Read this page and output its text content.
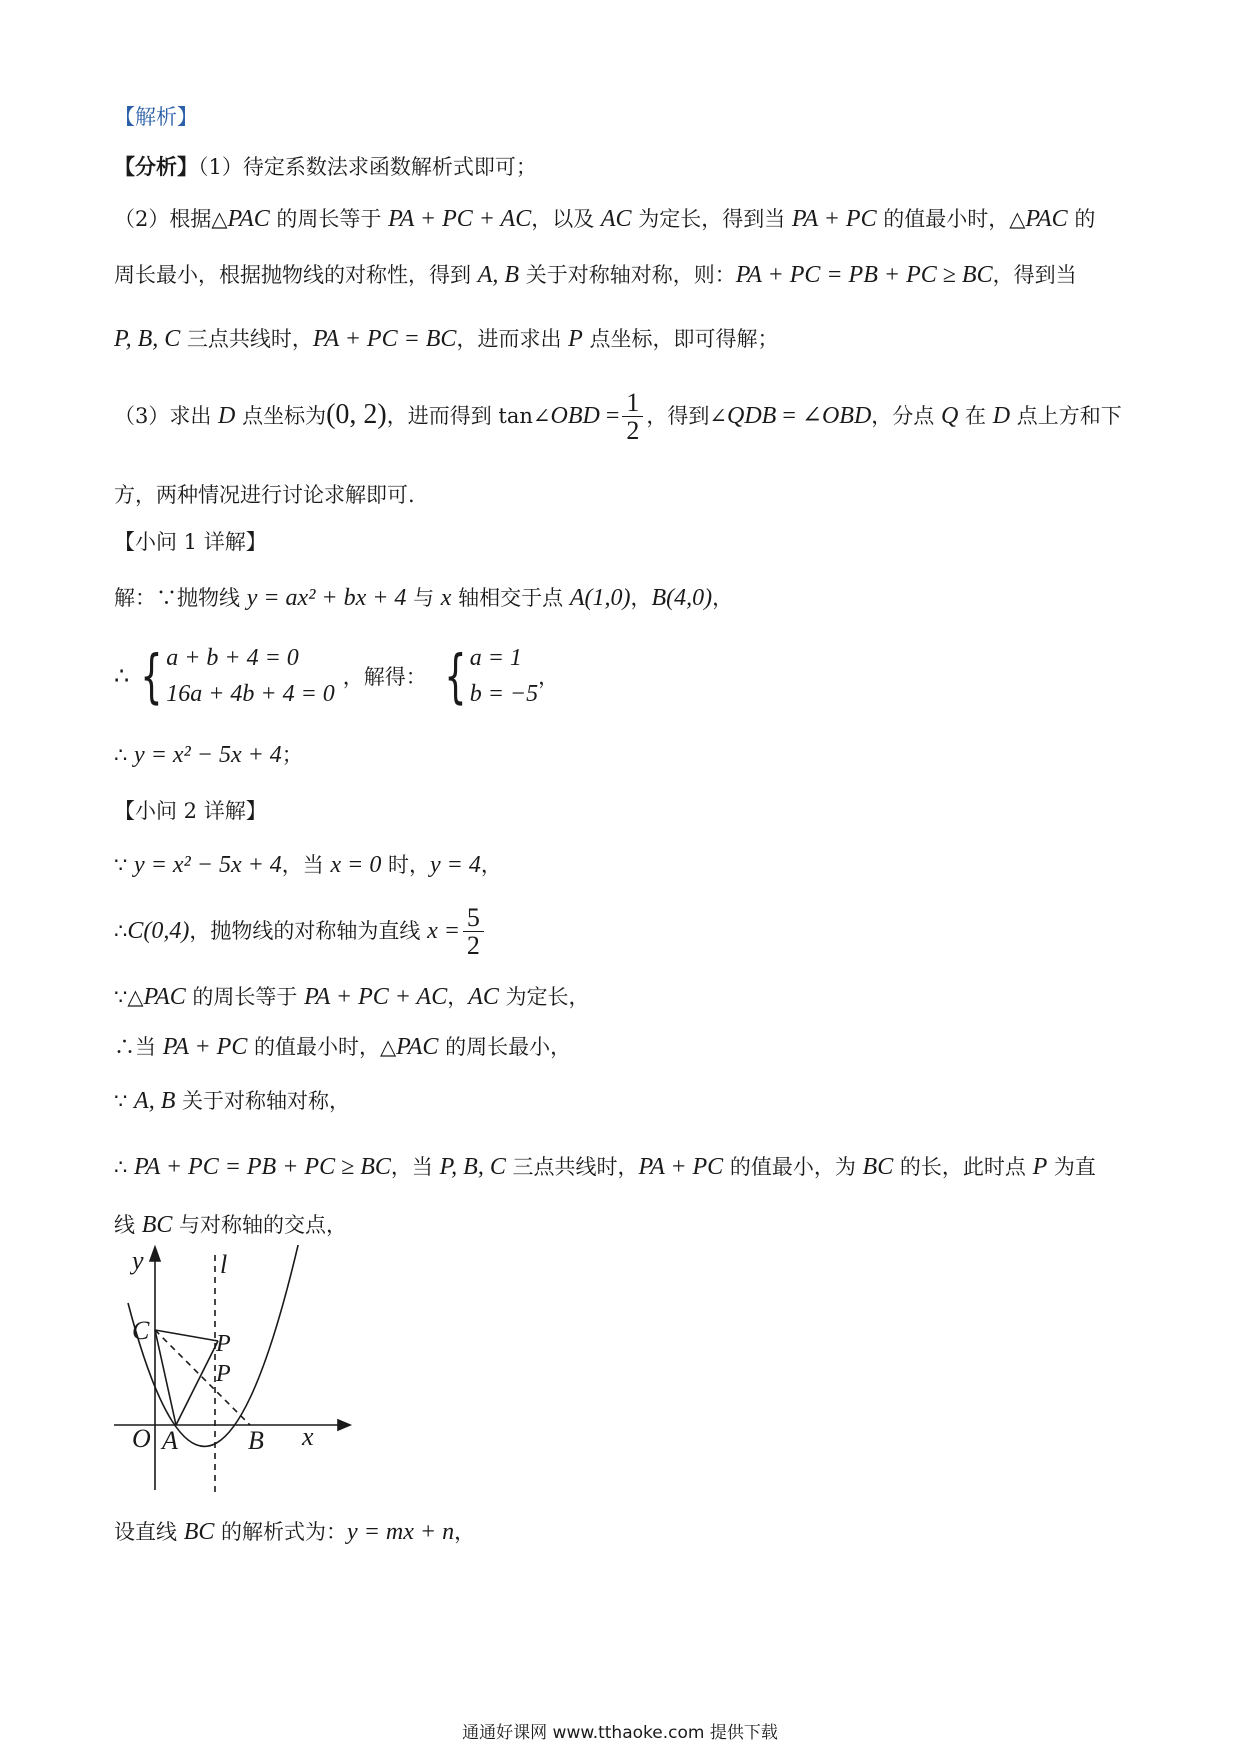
【解析】
【分析】（1）待定系数法求函数解析式即可；
（2）根据△PAC 的周长等于 PA + PC + AC，以及 AC 为定长，得到当 PA + PC 的值最小时，△PAC 的
周长最小，根据抛物线的对称性，得到 A, B 关于对称轴对称，则：PA + PC = PB + PC ≥ BC，得到当
P, B, C 三点共线时，PA + PC = BC，进而求出 P 点坐标，即可得解；
（3）求出 D 点坐标为(0, 2)，进而得到 tan∠OBD = $\frac{1}{2}$ ，得到∠QDB = ∠OBD，分点 Q 在 D 点上方和下
方，两种情况进行讨论求解即可.
【小问 1 详解】
解：∵抛物线 y = ax² + bx + 4 与 x 轴相交于点 A(1,0)，B(4,0)，
∴ { a + b + 4 = 0
16a + 4b + 4 = 0
，解得： { a = 1
b = −5
，
∴ y = x² − 5x + 4；
【小问 2 详解】
∵ y = x² − 5x + 4，当 x = 0 时，y = 4，
∴C(0,4)，抛物线的对称轴为直线 $x = \frac{5}{2}$
∵△PAC 的周长等于 PA + PC + AC，AC 为定长，
∴当 PA + PC 的值最小时，△PAC 的周长最小，
∵ A, B 关于对称轴对称，
∴ PA + PC = PB + PC ≥ BC，当 P, B, C 三点共线时，PA + PC 的值最小，为 BC 的长，此时点 P 为直
线 BC 与对称轴的交点，
y	l
C	P
P
O A	B x
设直线 BC 的解析式为：y = mx + n，
通通好课网 www.tthaoke.com 提供下载
